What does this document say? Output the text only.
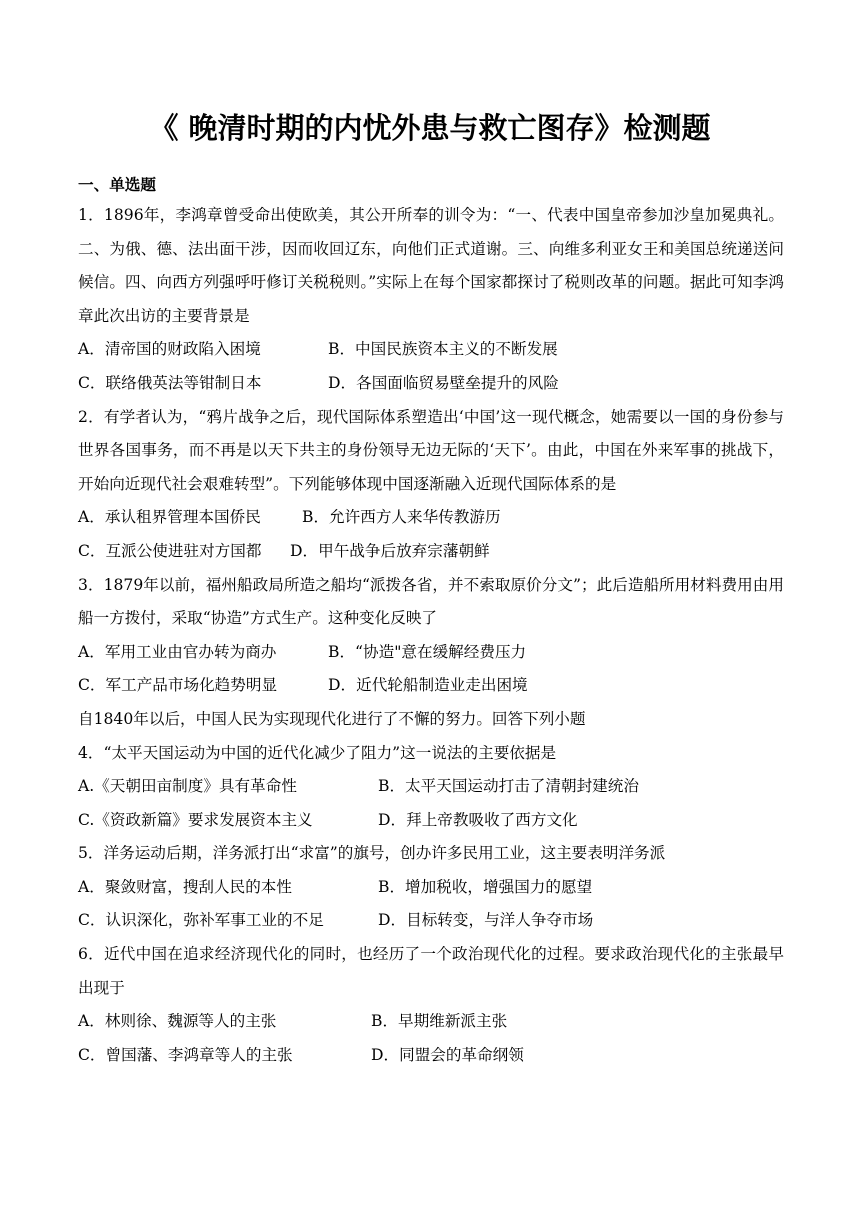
《 晚清时期的内忧外患与救亡图存》检测题
一、单选题
1．1896年，李鸿章曾受命出使欧美，其公开所奉的训令为：“一、代表中国皇帝参加沙皇加冕典礼。二、为俄、德、法出面干涉，因而收回辽东，向他们正式道谢。三、向维多利亚女王和美国总统递送问候信。四、向西方列强呼吁修订关税税则。”实际上在每个国家都探讨了税则改革的问题。据此可知李鸿章此次出访的主要背景是
A．清帝国的财政陷入困境	B．中国民族资本主义的不断发展
C．联络俄英法等钳制日本	D．各国面临贸易壁垒提升的风险
2．有学者认为，“鸦片战争之后，现代国际体系塑造出‘中国’这一现代概念，她需要以一国的身份参与世界各国事务，而不再是以天下共主的身份领导无边无际的‘天下’。由此，中国在外来军事的挑战下，开始向近现代社会艰难转型”。下列能够体现中国逐渐融入近现代国际体系的是
A．承认租界管理本国侨民	B．允许西方人来华传教游历
C．互派公使进驻对方国都 D．甲午战争后放弃宗藩朝鲜
3．1879年以前，福州船政局所造之船均“派拨各省，并不索取原价分文”；此后造船所用材料费用由用船一方拨付，采取“协造”方式生产。这种变化反映了
A．军用工业由官办转为商办	B．“协造"意在缓解经费压力
C．军工产品市场化趋势明显	D．近代轮船制造业走出困境
自1840年以后，中国人民为实现现代化进行了不懈的努力。回答下列小题
4．“太平天国运动为中国的近代化减少了阻力”这一说法的主要依据是
A.《天朝田亩制度》具有革命性	B．太平天国运动打击了清朝封建统治
C.《资政新篇》要求发展资本主义	D．拜上帝教吸收了西方文化
5．洋务运动后期，洋务派打出“求富”的旗号，创办许多民用工业，这主要表明洋务派
A．聚敛财富，搜刮人民的本性	B．增加税收，增强国力的愿望
C．认识深化，弥补军事工业的不足	D．目标转变，与洋人争夺市场
6．近代中国在追求经济现代化的同时，也经历了一个政治现代化的过程。要求政治现代化的主张最早出现于
A．林则徐、魏源等人的主张	B．早期维新派主张
C．曾国藩、李鸿章等人的主张	D．同盟会的革命纲领
